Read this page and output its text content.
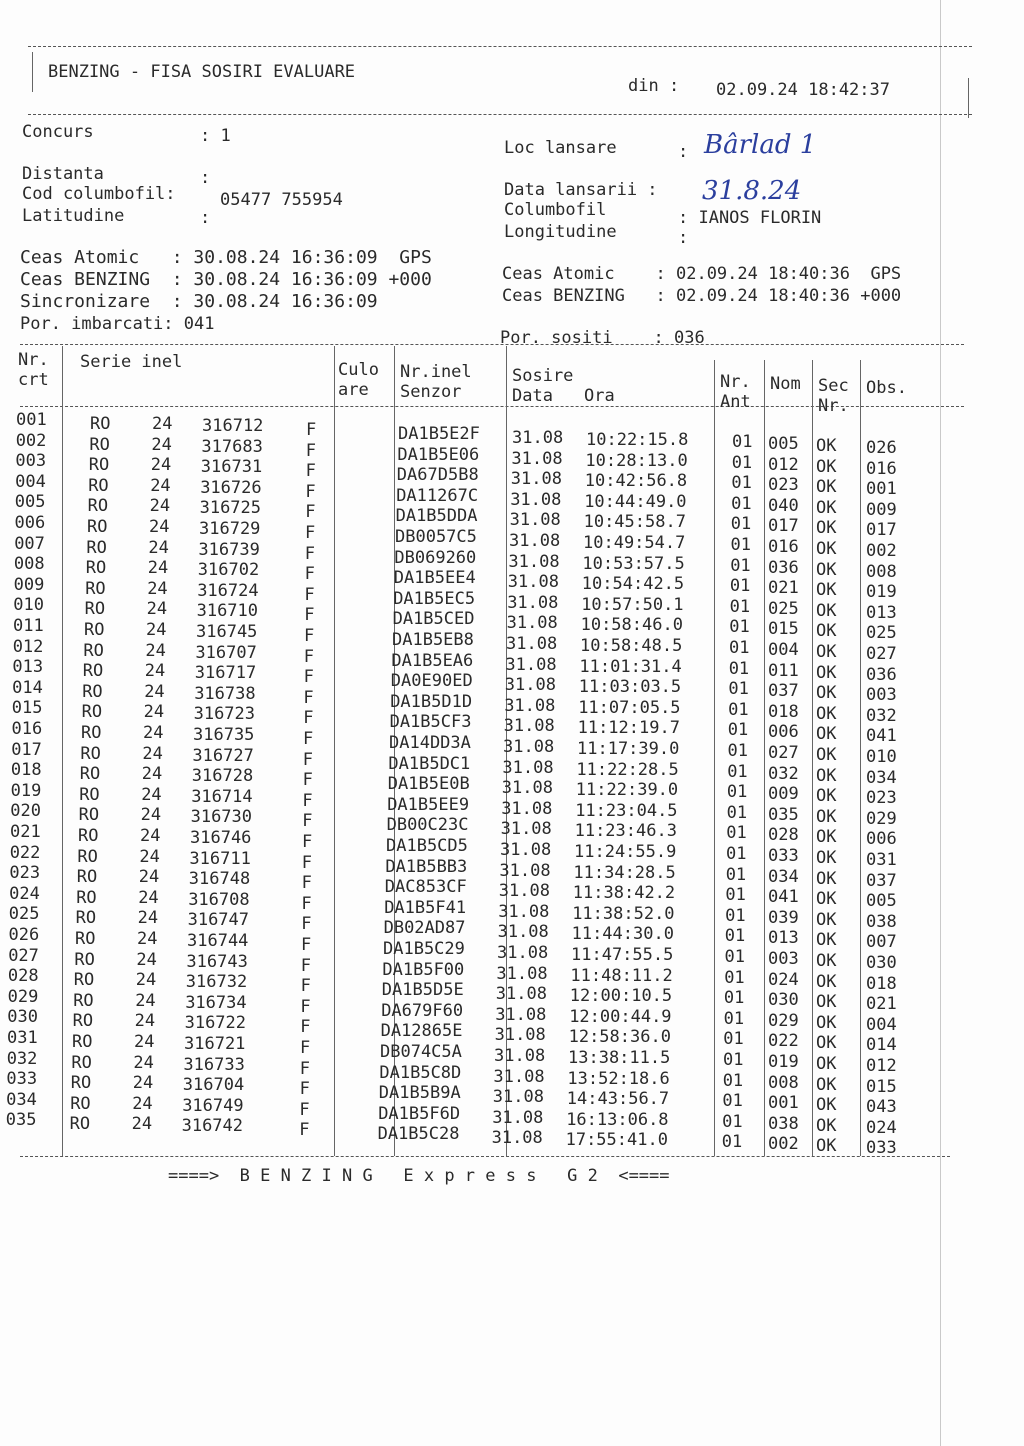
BENZING - FISA SOSIRI EVALUARE
din : 02.09.24 18:42:37
Concurs	: 1
Distanta	:
Cod columbofil:	05477 755954
Latitudine	:
Loc lansare	: Bârlad 1
Data lansarii : 31.8.24
Columbofil	: IANOS FLORIN
Longitudine	:
Ceas Atomic   : 30.08.24 16:36:09  GPS
Ceas BENZING  : 30.08.24 16:36:09 +000
Sincronizare  : 30.08.24 16:36:09
Por. imbarcati: 041
Ceas Atomic    : 02.09.24 18:40:36  GPS
Ceas BENZING   : 02.09.24 18:40:36 +000
Por. sositi    : 036
Nr.
crt
Serie inel	Culo
are
Nr.inel
Senzor
Sosire
Data Ora
Nr.
Ant
Nom Sec
Nr.
Obs.
001	RO 24 316712	F	DA1B5E2F 31.08 10:22:15.8	01 005 OK 026
002	RO 24 317683	F	DA1B5E06 31.08 10:28:13.0	01 012 OK 016
003	RO 24 316731	F	DA67D5B8 31.08 10:42:56.8	01 023 OK 001
004 RO 24 316726	F	DA11267C 31.08 10:44:49.0	01 040 OK 009
005 RO 24 316725	F	DA1B5DDA 31.08 10:45:58.7	01 017 OK 017
006 RO 24 316729	F	DB0057C5 31.08 10:49:54.7	01 016 OK 002
007 RO 24 316739	F	DB069260 31.08 10:53:57.5	01 036 OK 008
008 RO 24 316702	F	DA1B5EE4 31.08 10:54:42.5	01 021 OK 019
009 RO 24 316724	F	DA1B5EC5 31.08 10:57:50.1	01 025 OK 013
010 RO 24 316710	F	DA1B5CED 31.08 10:58:46.0	01 015 OK 025
011 RO 24 316745	F	DA1B5EB8 31.08 10:58:48.5	01 004 OK 027
012 RO 24 316707	F	DA1B5EA6 31.08 11:01:31.4	01 011 OK 036
013 RO 24 316717	F	DA0E90ED 31.08 11:03:03.5	01 037 OK 003
014 RO 24 316738	F	DA1B5D1D 31.08 11:07:05.5	01 018 OK 032
015 RO 24 316723	F	DA1B5CF3 31.08 11:12:19.7	01 006 OK 041
016 RO 24 316735	F	DA14DD3A 31.08 11:17:39.0	01 027 OK 010
017 RO 24 316727	F	DA1B5DC1 31.08 11:22:28.5	01 032 OK 034
018 RO 24 316728	F	DA1B5E0B 31.08 11:22:39.0	01 009 OK 023
019 RO 24 316714	F	DA1B5EE9 31.08 11:23:04.5	01 035 OK 029
020 RO 24 316730	F	DB00C23C 31.08 11:23:46.3	01 028 OK 006
021 RO 24 316746	F	DA1B5CD5 31.08 11:24:55.9	01 033 OK 031
022 RO 24 316711	F	DA1B5BB3 31.08 11:34:28.5	01 034 OK 037
023 RO 24 316748	F	DAC853CF 31.08 11:38:42.2	01 041 OK 005
024 RO 24 316708	F	DA1B5F41 31.08 11:38:52.0	01 039 OK 038
025 RO 24 316747	F	DB02AD87 31.08 11:44:30.0	01 013 OK 007
026 RO 24 316744	F	DA1B5C29 31.08 11:47:55.5	01 003 OK 030
027 RO 24 316743	F	DA1B5F00 31.08 11:48:11.2	01 024 OK 018
028 RO 24 316732	F	DA1B5D5E 31.08 12:00:10.5	01 030 OK 021
029 RO 24 316734	F	DA679F60 31.08 12:00:44.9	01 029 OK 004
030 RO 24 316722	F	DA12865E 31.08 12:58:36.0	01 022 OK 014
031 RO 24 316721	F	DB074C5A 31.08 13:38:11.5	01 019 OK 012
032 RO 24 316733	F	DA1B5C8D 31.08 13:52:18.6	01 008 OK 015
033 RO 24 316704	F	DA1B5B9A 31.08 14:43:56.7	01 001 OK 043
034 RO 24 316749	F	DA1B5F6D 31.08 16:13:06.8	01 038 OK 024
035 RO 24 316742	F	DA1B5C28 31.08 17:55:41.0	01 002 OK 033
====>  B E N Z I N G   E x p r e s s   G 2  <====
